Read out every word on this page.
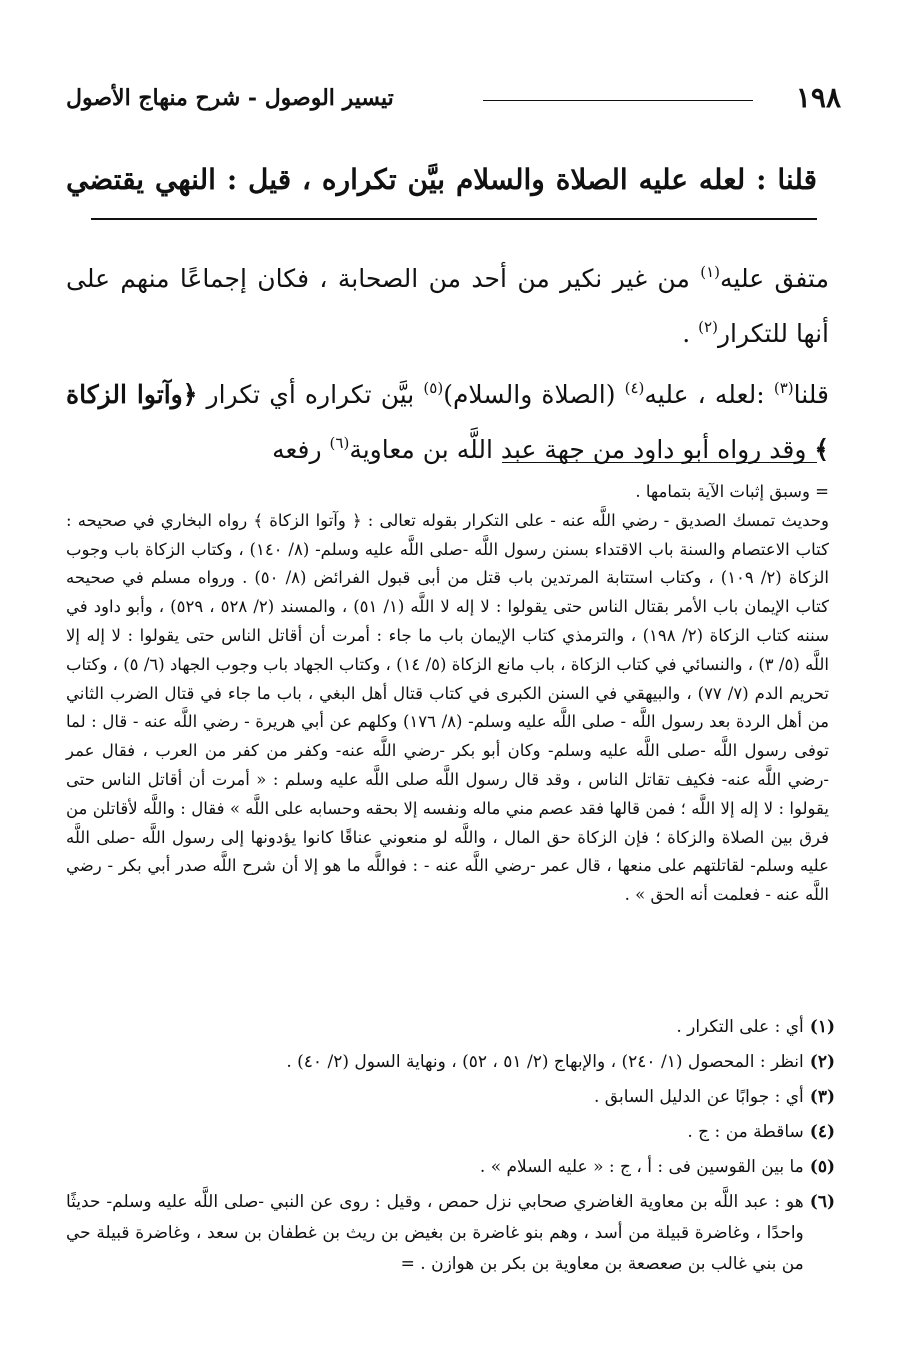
١٩٨
تيسير الوصول - شرح منهاج الأصول
قلنا : لعله عليه الصلاة والسلام بيَّن تكراره ، قيل : النهي يقتضي

متفق عليه$^{(١)}$ من غير نكير من أحد من الصحابة ، فكان إجماعًا منهم على أنها للتكرار$^{(٢)}$ .

قلنا$^{(٣)}$ :لعله ، عليه$^{(٤)}$ (الصلاة والسلام)$^{(٥)}$ بيَّن تكراره أي تكرار ﴿وآتوا الزكاة ﴾ وقد رواه أبو داود من جهة عبد اللَّه بن معاوية$^{(٦)}$ رفعه

= وسبق إثبات الآية بتمامها .

وحديث تمسك الصديق - رضي اللَّه عنه - على التكرار بقوله تعالى : ﴿ وآتوا الزكاة ﴾ رواه البخاري في صحيحه : كتاب الاعتصام والسنة باب الاقتداء بسنن رسول اللَّه -صلى اللَّه عليه وسلم- (٨/ ١٤٠) ، وكتاب الزكاة باب وجوب الزكاة (٢/ ١٠٩) ، وكتاب استتابة المرتدين باب قتل من أبى قبول الفرائض (٨/ ٥٠) . ورواه مسلم في صحيحه كتاب الإيمان باب الأمر بقتال الناس حتى يقولوا : لا إله لا اللَّه (١/ ٥١) ، والمسند (٢/ ٥٢٨ ، ٥٢٩) ، وأبو داود في سننه كتاب الزكاة (٢/ ١٩٨) ، والترمذي كتاب الإيمان باب ما جاء : أمرت أن أقاتل الناس حتى يقولوا : لا إله إلا اللَّه (٥/ ٣) ، والنسائي في كتاب الزكاة ، باب مانع الزكاة (٥/ ١٤) ، وكتاب الجهاد باب وجوب الجهاد (٦/ ٥) ، وكتاب تحريم الدم (٧/ ٧٧) ، والبيهقي في السنن الكبرى في كتاب قتال أهل البغي ، باب ما جاء في قتال الضرب الثاني من أهل الردة بعد رسول اللَّه - صلى اللَّه عليه وسلم- (٨/ ١٧٦) وكلهم عن أبي هريرة - رضي اللَّه عنه - قال : لما توفى رسول اللَّه -صلى اللَّه عليه وسلم- وكان أبو بكر -رضي اللَّه عنه- وكفر من كفر من العرب ، فقال عمر -رضي اللَّه عنه- فكيف تقاتل الناس ، وقد قال رسول اللَّه صلى اللَّه عليه وسلم : « أمرت أن أقاتل الناس حتى يقولوا : لا إله إلا اللَّه ؛ فمن قالها فقد عصم مني ماله ونفسه إلا بحقه وحسابه على اللَّه » فقال : واللَّه لأقاتلن من فرق بين الصلاة والزكاة ؛ فإن الزكاة حق المال ، واللَّه لو منعوني عناقًا كانوا يؤدونها إلى رسول اللَّه -صلى اللَّه عليه وسلم- لقاتلتهم على منعها ، قال عمر -رضي اللَّه عنه - : فواللَّه ما هو إلا أن شرح اللَّه صدر أبي بكر - رضي اللَّه عنه - فعلمت أنه الحق » .

(١)
أي : على التكرار .
(٢)
انظر : المحصول (١/ ٢٤٠) ، والإبهاج (٢/ ٥١ ، ٥٢) ، ونهاية السول (٢/ ٤٠) .
(٣)
أي : جوابًا عن الدليل السابق .
(٤)
ساقطة من : ج .
(٥)
ما بين القوسين فى : أ ، ج : « عليه السلام » .
(٦)
هو : عبد اللَّه بن معاوية الغاضري صحابي نزل حمص ، وقيل : روى عن النبي -صلى اللَّه عليه وسلم- حديثًا واحدًا ، وغاضرة قبيلة من أسد ، وهم بنو غاضرة بن بغيض بن ريث بن غطفان بن سعد ، وغاضرة قبيلة حي من بني غالب بن صعصعة بن معاوية بن بكر بن هوازن . =
